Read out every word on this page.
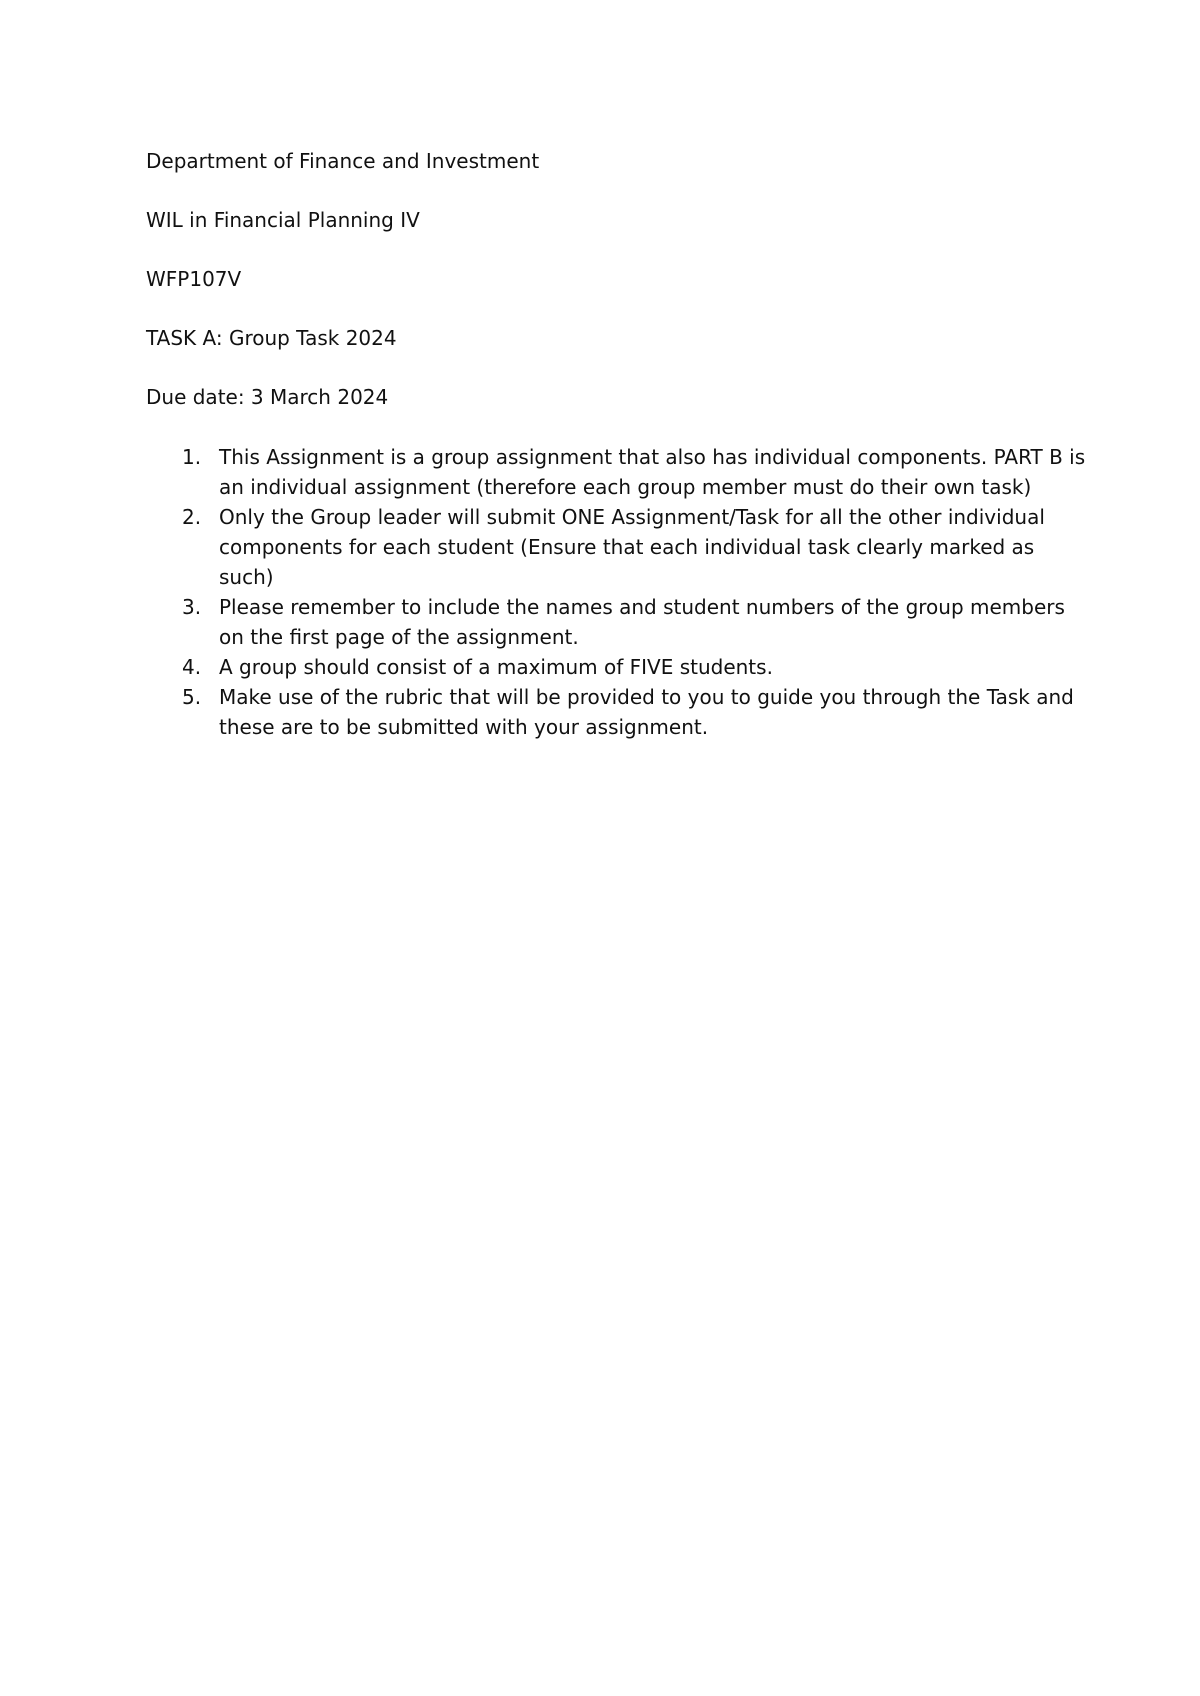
Department of Finance and Investment
WIL in Financial Planning IV
WFP107V
TASK A: Group Task 2024
Due date: 3 March 2024
1. This Assignment is a group assignment that also has individual components. PART B is an individual assignment (therefore each group member must do their own task)
2. Only the Group leader will submit ONE Assignment/Task for all the other individual components for each student (Ensure that each individual task clearly marked as such)
3. Please remember to include the names and student numbers of the group members on the first page of the assignment.
4. A group should consist of a maximum of FIVE students.
5. Make use of the rubric that will be provided to you to guide you through the Task and these are to be submitted with your assignment.
